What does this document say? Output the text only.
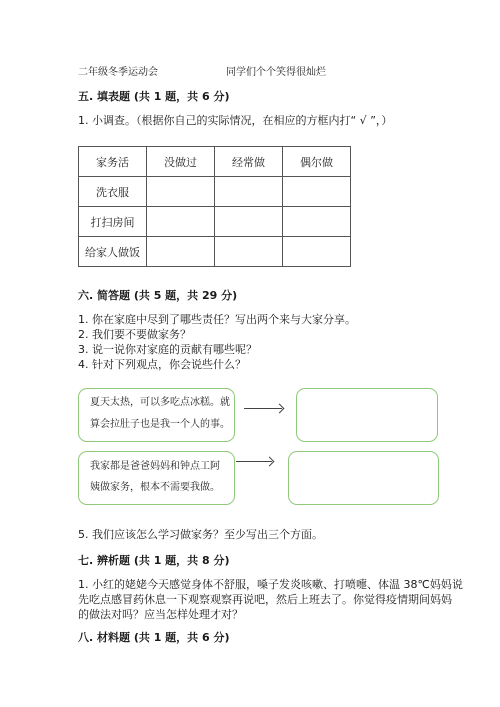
二年级冬季运动会	同学们个个笑得很灿烂
五. 填表题 (共 1 题，共 6 分)
1. 小调查。（根据你自己的实际情况，在相应的方框内打“ √ ”，）
家务活	没做过	经常做	偶尔做
洗衣服			
打扫房间			
给家人做饭			
六. 简答题 (共 5 题，共 29 分)
1. 你在家庭中尽到了哪些责任？写出两个来与大家分享。
2. 我们要不要做家务？
3. 说一说你对家庭的贡献有哪些呢？
4. 针对下列观点，你会说些什么？
夏天太热，可以多吃点冰糕。就
算会拉肚子也是我一个人的事。
我家都是爸爸妈妈和钟点工阿
姨做家务，根本不需要我做。
5. 我们应该怎么学习做家务？至少写出三个方面。
七. 辨析题 (共 1 题，共 8 分)
1. 小红的姥姥今天感觉身体不舒服，嗓子发炎咳嗽、打喷嚏、体温 38℃妈妈说
先吃点感冒药休息一下观察观察再说吧，然后上班去了。你觉得疫情期间妈妈
的做法对吗？应当怎样处理才对？
八. 材料题 (共 1 题，共 6 分)
